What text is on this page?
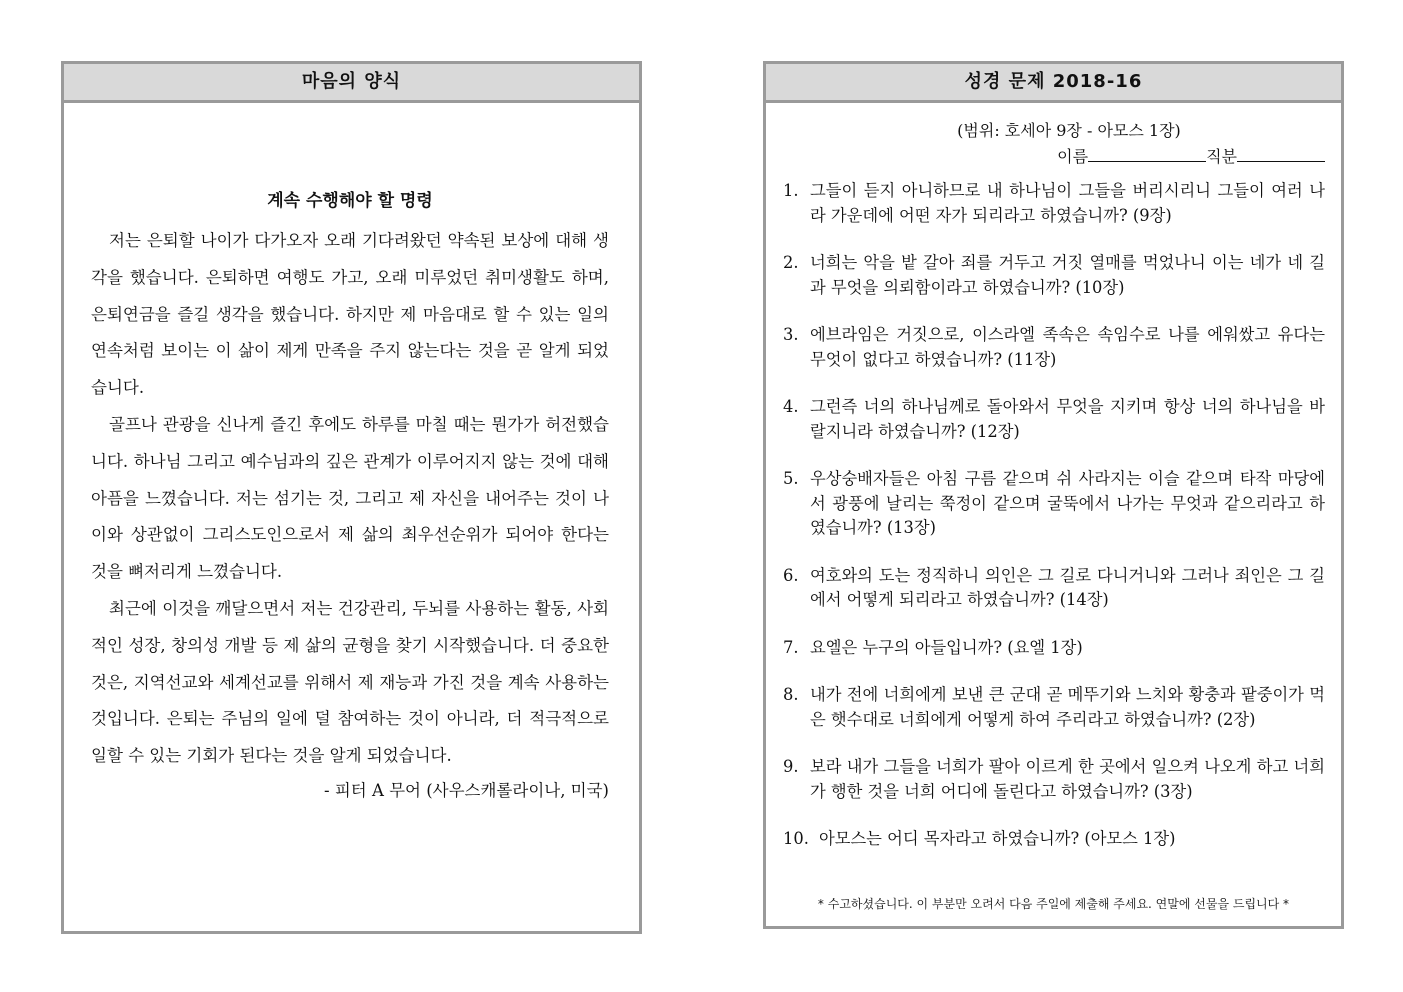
마음의 양식
계속 수행해야 할 명령

저는 은퇴할 나이가 다가오자 오래 기다려왔던 약속된 보상에 대해 생각을 했습니다. 은퇴하면 여행도 가고, 오래 미루었던 취미생활도 하며, 은퇴연금을 즐길 생각을 했습니다. 하지만 제 마음대로 할 수 있는 일의 연속처럼 보이는 이 삶이 제게 만족을 주지 않는다는 것을 곧 알게 되었습니다.

골프나 관광을 신나게 즐긴 후에도 하루를 마칠 때는 뭔가가 허전했습니다. 하나님 그리고 예수님과의 깊은 관계가 이루어지지 않는 것에 대해 아픔을 느꼈습니다. 저는 섬기는 것, 그리고 제 자신을 내어주는 것이 나이와 상관없이 그리스도인으로서 제 삶의 최우선순위가 되어야 한다는 것을 뼈저리게 느꼈습니다.

최근에 이것을 깨달으면서 저는 건강관리, 두뇌를 사용하는 활동, 사회적인 성장, 창의성 개발 등 제 삶의 균형을 찾기 시작했습니다. 더 중요한 것은, 지역선교와 세계선교를 위해서 제 재능과 가진 것을 계속 사용하는 것입니다. 은퇴는 주님의 일에 덜 참여하는 것이 아니라, 더 적극적으로 일할 수 있는 기회가 된다는 것을 알게 되었습니다.

- 피터 A 무어 (사우스캐롤라이나, 미국)
성경 문제 2018-16
(범위: 호세아 9장 - 아모스 1장)
이름	직분
1. 그들이 듣지 아니하므로 내 하나님이 그들을 버리시리니 그들이 여러 나라 가운데에 어떤 자가 되리라고 하였습니까? (9장)
2. 너희는 악을 밭 갈아 죄를 거두고 거짓 열매를 먹었나니 이는 네가 네 길과 무엇을 의뢰함이라고 하였습니까? (10장)
3. 에브라임은 거짓으로, 이스라엘 족속은 속임수로 나를 에워쌌고 유다는 무엇이 없다고 하였습니까? (11장)
4. 그런즉 너의 하나님께로 돌아와서 무엇을 지키며 항상 너의 하나님을 바랄지니라 하였습니까? (12장)
5. 우상숭배자들은 아침 구름 같으며 쉬 사라지는 이슬 같으며 타작 마당에서 광풍에 날리는 쭉정이 같으며 굴뚝에서 나가는 무엇과 같으리라고 하였습니까? (13장)
6. 여호와의 도는 정직하니 의인은 그 길로 다니거니와 그러나 죄인은 그 길에서 어떻게 되리라고 하였습니까? (14장)
7. 요엘은 누구의 아들입니까? (요엘 1장)
8. 내가 전에 너희에게 보낸 큰 군대 곧 메뚜기와 느치와 황충과 팥중이가 먹은 햇수대로 너희에게 어떻게 하여 주리라고 하였습니까? (2장)
9. 보라 내가 그들을 너희가 팔아 이르게 한 곳에서 일으켜 나오게 하고 너희가 행한 것을 너희 어디에 돌린다고 하였습니까? (3장)
10. 아모스는 어디 목자라고 하였습니까? (아모스 1장)
* 수고하셨습니다. 이 부분만 오려서 다음 주일에 제출해 주세요. 연말에 선물을 드립니다 *
